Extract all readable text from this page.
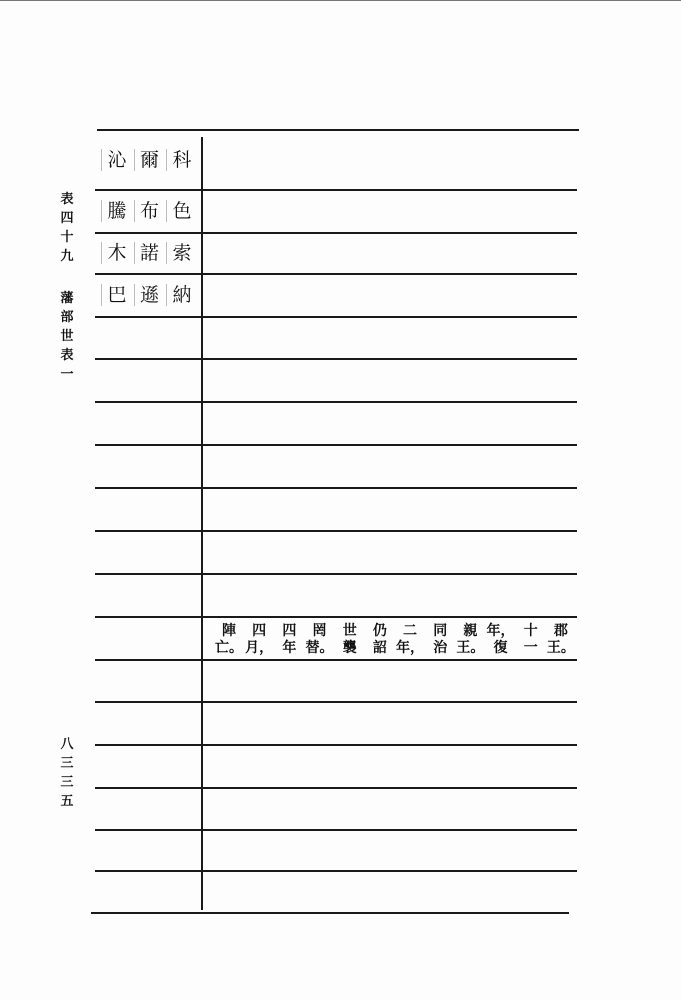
表
四
十
九
藩
部
世
表
一
八
三
三
五
沁 爾 科
騰 布 色
木 諾 索
巴 遜 納
陣
亡。
四
月，
四
年
罔
替。
世
襲
仍
詔
二
年，
同
治
親
王。
年，
復
十
一
郡
王。
